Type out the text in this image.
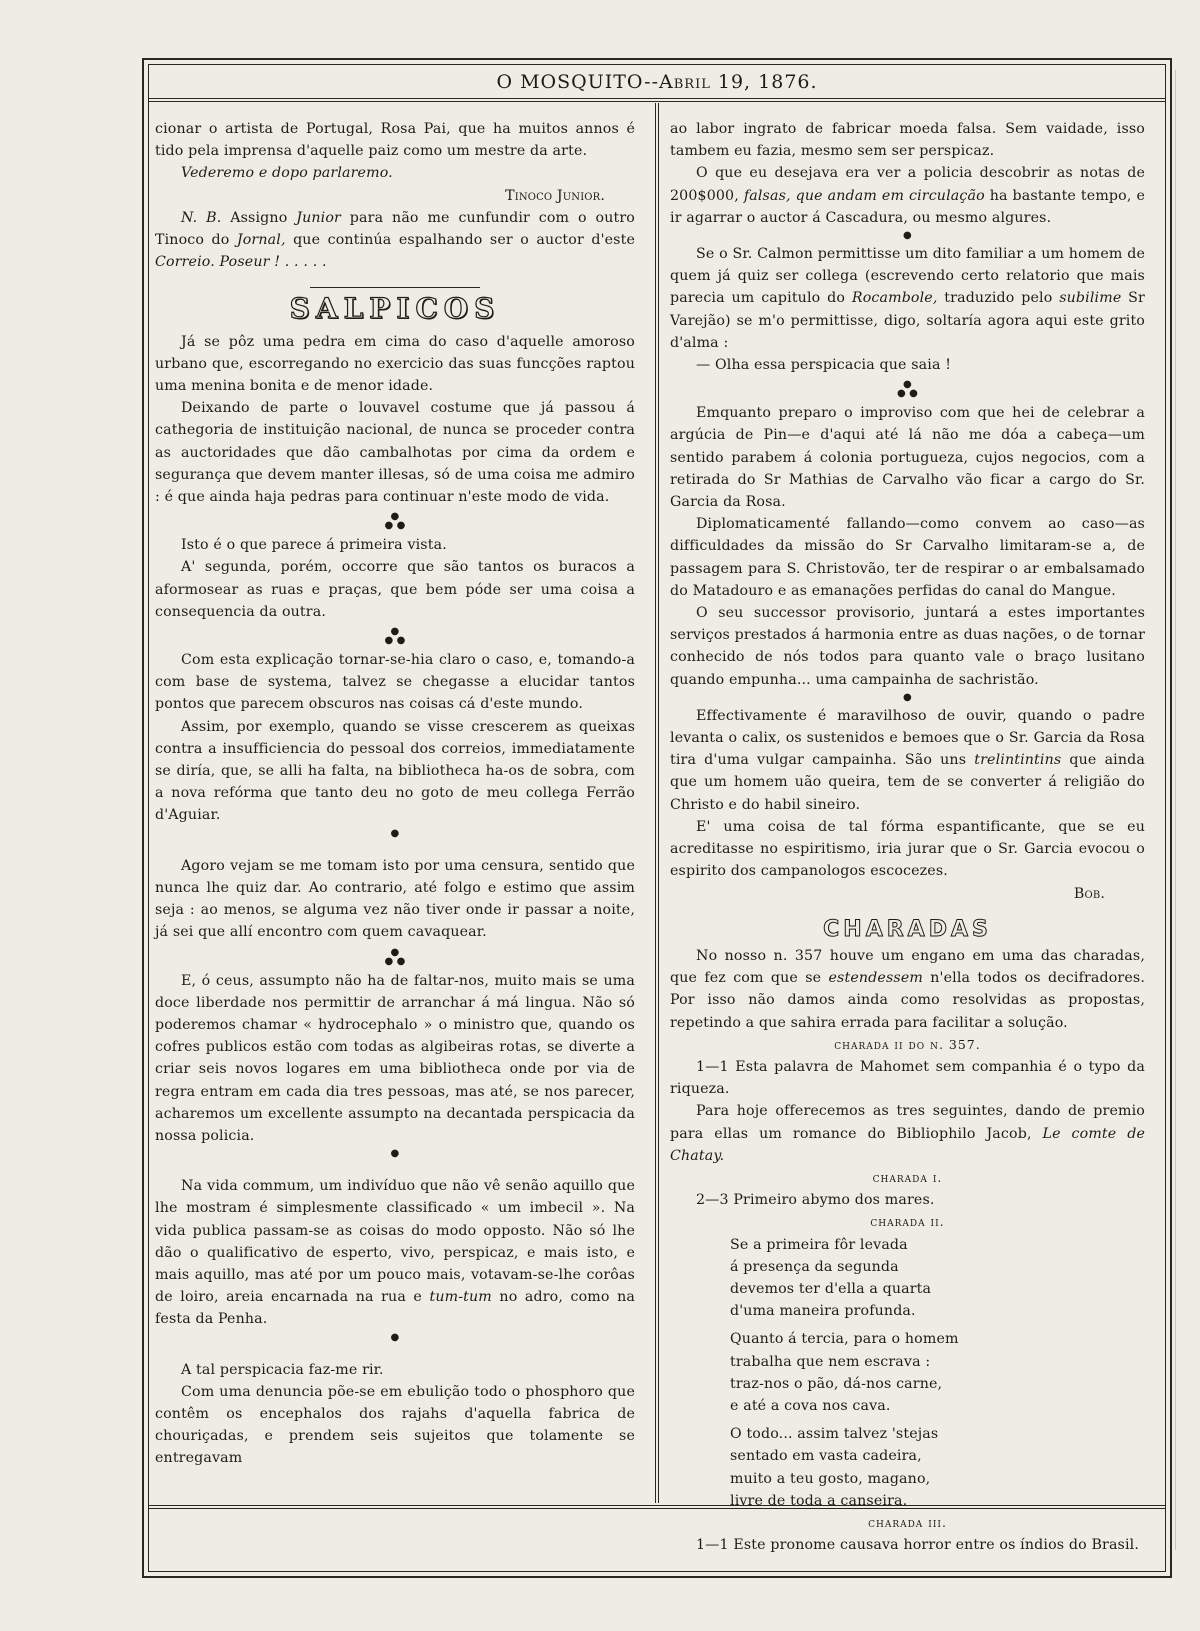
O MOSQUITO--Abril 19, 1876.

cionar o artista de Portugal, Rosa Pai, que ha muitos annos é tido pela imprensa d'aquelle paiz como um mestre da arte.

Vederemo e dopo parlaremo.

Tinoco Junior.

N. B. Assigno Junior para não me cunfundir com o outro Tinoco do Jornal, que continúa espalhando ser o auctor d'este Correio. Poseur ! . . . . .

SALPICOS

Já se pôz uma pedra em cima do caso d'aquelle amoroso urbano que, escorregando no exercicio das suas funcções raptou uma menina bonita e de menor idade.

Deixando de parte o louvavel costume que já passou á cathegoria de instituição nacional, de nunca se proceder contra as auctoridades que dão cambalhotas por cima da ordem e segurança que devem manter illesas, só de uma coisa me admiro : é que ainda haja pedras para continuar n'este modo de vida.

●
● ●

Isto é o que parece á primeira vista.

A' segunda, porém, occorre que são tantos os buracos a aformosear as ruas e praças, que bem póde ser uma coisa a consequencia da outra.

●
● ●

Com esta explicação tornar-se-hia claro o caso, e, tomando-a com base de systema, talvez se chegasse a elucidar tantos pontos que parecem obscuros nas coisas cá d'este mundo.

Assim, por exemplo, quando se visse crescerem as queixas contra a insufficiencia do pessoal dos correios, immediatamente se diría, que, se alli ha falta, na bibliotheca ha-os de sobra, com a nova refórma que tanto deu no goto de meu collega Ferrão d'Aguiar.

●

Agoro vejam se me tomam isto por uma censura, sentido que nunca lhe quiz dar. Ao contrario, até folgo e estimo que assim seja : ao menos, se alguma vez não tiver onde ir passar a noite, já sei que allí encontro com quem cavaquear.

●
● ●

E, ó ceus, assumpto não ha de faltar-nos, muito mais se uma doce liberdade nos permittir de arranchar á má lingua. Não só poderemos chamar « hydrocephalo » o ministro que, quando os cofres publicos estão com todas as algibeiras rotas, se diverte a criar seis novos logares em uma bibliotheca onde por via de regra entram em cada dia tres pessoas, mas até, se nos parecer, acharemos um excellente assumpto na decantada perspicacia da nossa policia.

●

Na vida commum, um indivíduo que não vê senão aquillo que lhe mostram é simplesmente classificado « um imbecil ». Na vida publica passam-se as coisas do modo opposto. Não só lhe dão o qualificativo de esperto, vivo, perspicaz, e mais isto, e mais aquillo, mas até por um pouco mais, votavam-se-lhe corôas de loiro, areia encarnada na rua e tum-tum no adro, como na festa da Penha.

●

A tal perspicacia faz-me rir.

Com uma denuncia põe-se em ebulição todo o phosphoro que contêm os encephalos dos rajahs d'aquella fabrica de chouriçadas, e prendem seis sujeitos que tolamente se entregavam

ao labor ingrato de fabricar moeda falsa. Sem vaidade, isso tambem eu fazia, mesmo sem ser perspicaz.

O que eu desejava era ver a policia descobrir as notas de 200$000, falsas, que andam em circulação ha bastante tempo, e ir agarrar o auctor á Cascadura, ou mesmo algures.

●

Se o Sr. Calmon permittisse um dito familiar a um homem de quem já quiz ser collega (escrevendo certo relatorio que mais parecia um capitulo do Rocambole, traduzido pelo subilime Sr Varejão) se m'o permittisse, digo, soltaría agora aqui este grito d'alma :

— Olha essa perspicacia que saia !

●
● ●

Emquanto preparo o improviso com que hei de celebrar a argúcia de Pin—e d'aqui até lá não me dóa a cabeça—um sentido parabem á colonia portugueza, cujos negocios, com a retirada do Sr Mathias de Carvalho vão ficar a cargo do Sr. Garcia da Rosa.

Diplomaticamenté fallando—como convem ao caso—as difficuldades da missão do Sr Carvalho limitaram-se a, de passagem para S. Christovão, ter de respirar o ar embalsamado do Matadouro e as emanações perfidas do canal do Mangue.

O seu successor provisorio, juntará a estes importantes serviços prestados á harmonia entre as duas nações, o de tornar conhecido de nós todos para quanto vale o braço lusitano quando empunha... uma campainha de sachristão.

●

Effectivamente é maravilhoso de ouvir, quando o padre levanta o calix, os sustenidos e bemoes que o Sr. Garcia da Rosa tira d'uma vulgar campainha. São uns trelintintins que ainda que um homem uão queira, tem de se converter á religião do Christo e do habil sineiro.

E' uma coisa de tal fórma espantificante, que se eu acreditasse no espiritismo, iria jurar que o Sr. Garcia evocou o espirito dos campanologos escocezes.

Bob.

CHARADAS

No nosso n. 357 houve um engano em uma das charadas, que fez com que se estendessem n'ella todos os decifradores. Por isso não damos ainda como resolvidas as propostas, repetindo a que sahira errada para facilitar a solução.

charada ii do n. 357.

1—1 Esta palavra de Mahomet sem companhia é o typo da riqueza.

Para hoje offerecemos as tres seguintes, dando de premio para ellas um romance do Bibliophilo Jacob, Le comte de Chatay.

charada i.

2—3 Primeiro abymo dos mares.

charada ii.

Se a primeira fôr levada

á presença da segunda

devemos ter d'ella a quarta

d'uma maneira profunda.

Quanto á tercia, para o homem

trabalha que nem escrava :

traz-nos o pão, dá-nos carne,

e até a cova nos cava.

O todo... assim talvez 'stejas

sentado em vasta cadeira,

muito a teu gosto, magano,

livre de toda a canseira.

charada iii.

1—1 Este pronome causava horror entre os índios do Brasil.
